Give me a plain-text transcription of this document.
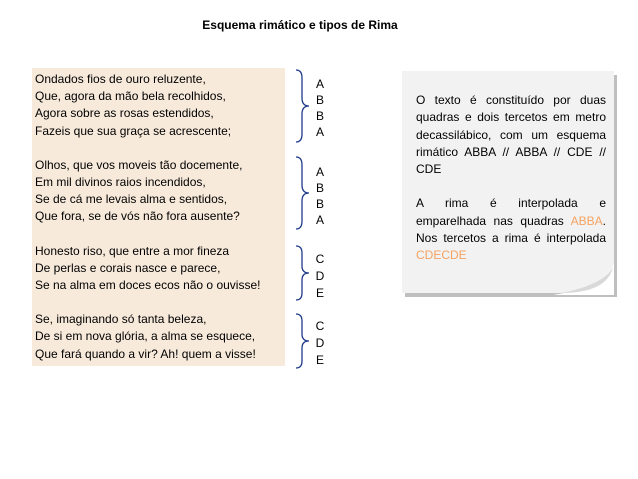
Esquema rimático e tipos de Rima
Ondados fios de ouro reluzente,
Que, agora da mão bela recolhidos,
Agora sobre as rosas estendidos,
Fazeis que sua graça se acrescente;
Olhos, que vos moveis tão docemente,
Em mil divinos raios incendidos,
Se de cá me levais alma e sentidos,
Que fora, se de vós não fora ausente?
Honesto riso, que entre a mor fineza
De perlas e corais nasce e parece,
Se na alma em doces ecos não o ouvisse!
Se, imaginando só tanta beleza,
De si em nova glória, a alma se esquece,
Que fará quando a vir? Ah! quem a visse!
A
B
B
A
A
B
B
A
C
D
E
C
D
E

O texto é constituído por duas quadras e dois tercetos em metro decassilábico, com um esquema rimático ABBA // ABBA // CDE // CDE

A rima é interpolada e emparelhada nas quadras ABBA. Nos tercetos a rima é interpolada CDECDE
